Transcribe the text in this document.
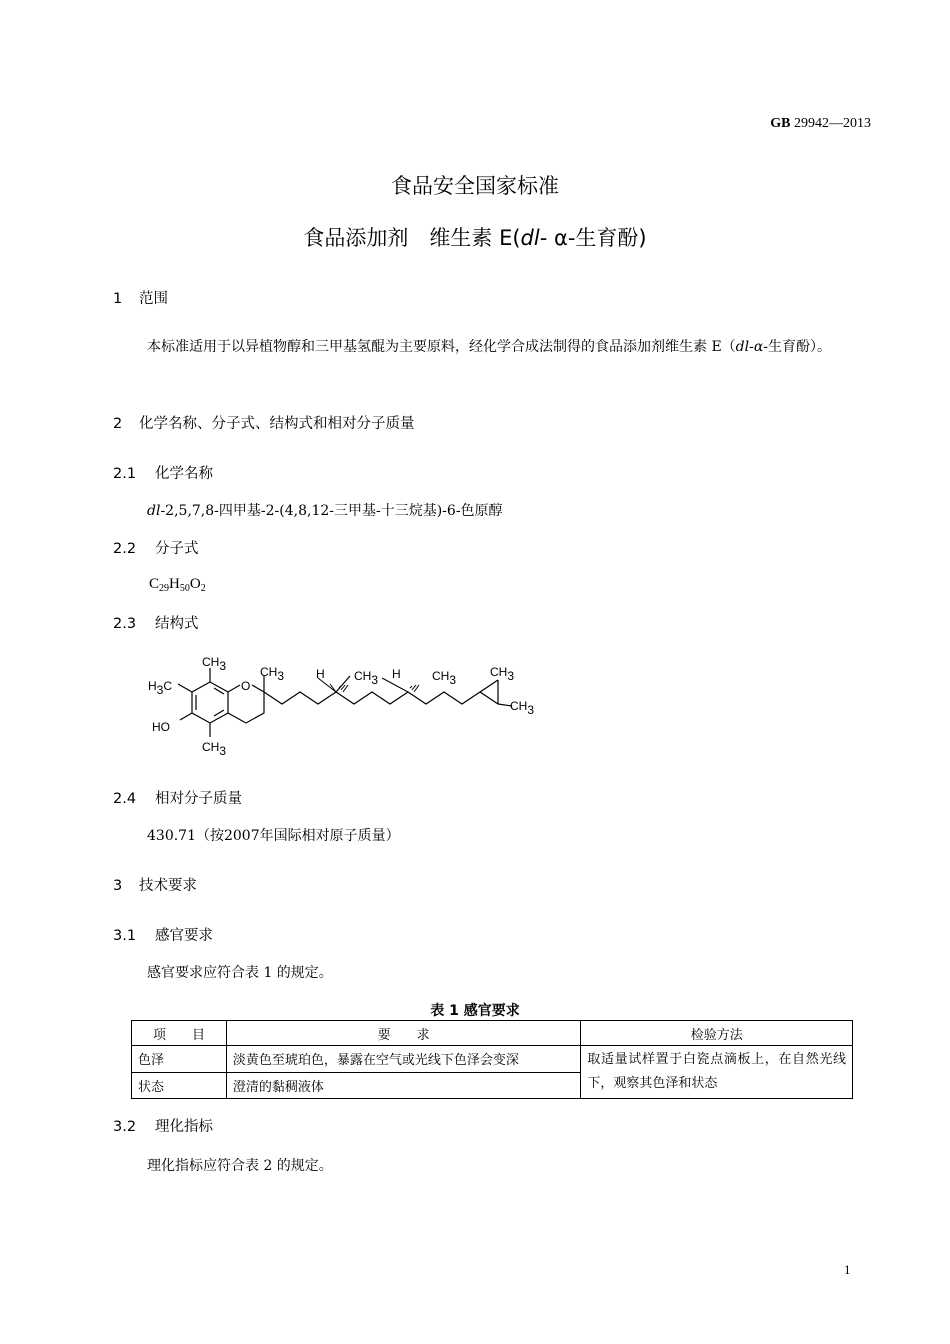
GB 29942—2013
食品安全国家标准
食品添加剂　维生素 E(dl- α-生育酚)
1 范围
本标准适用于以异植物醇和三甲基氢醌为主要原料，经化学合成法制得的食品添加剂维生素 E（dl-α-生育酚）。
2 化学名称、分子式、结构式和相对分子质量
2.1 化学名称
dl-2,5,7,8-四甲基-2-(4,8,12-三甲基-十三烷基)-6-色原醇
2.2 分子式
$C_{29}H_{50}O_2$
2.3 结构式
CH3
H3C	O
HO
CH3
CH3	H CH3 H	CH3
CH3
CH3
2.4 相对分子质量
430.71（按2007年国际相对原子质量）
3 技术要求
3.1 感官要求
感官要求应符合表 1 的规定。
表 1 感官要求
项　　目	要　　求	检验方法
色泽	淡黄色至琥珀色，暴露在空气或光线下色泽会变深	取适量试样置于白瓷点滴板上，在自然光线下，观察其色泽和状态
状态	澄清的黏稠液体	
3.2 理化指标
理化指标应符合表 2 的规定。
1
